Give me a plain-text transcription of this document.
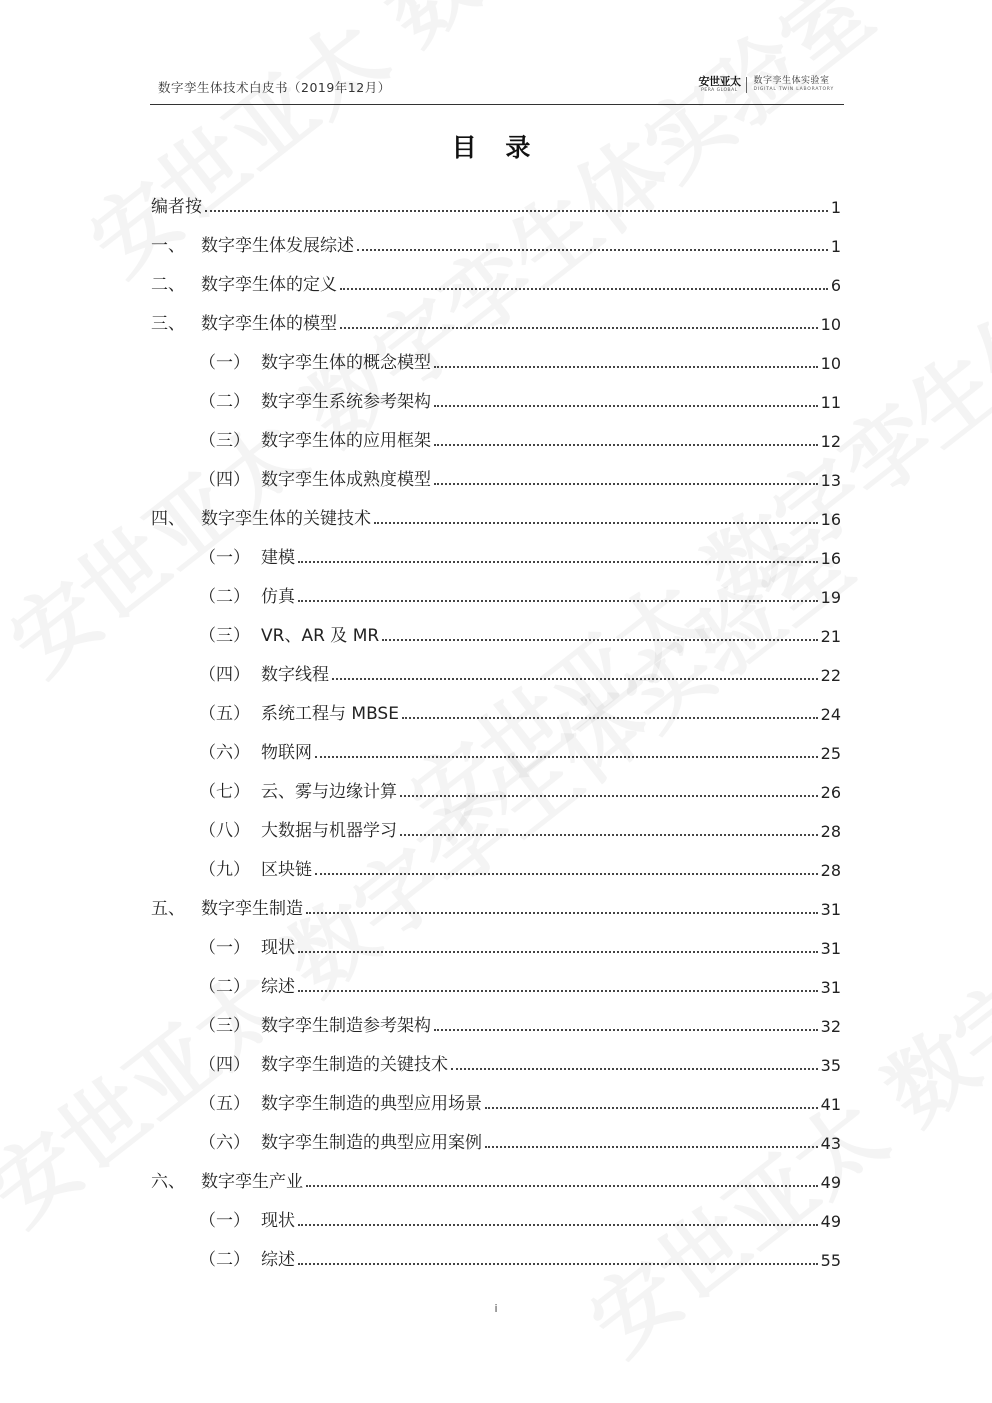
数字孪生体技术白皮书（2019年12月）	安世亚太
PERA GLOBAL
数字孪生体实验室
DIGITAL TWIN LABORATORY
目 录
编者按	1
一、 数字孪生体发展综述	1
二、 数字孪生体的定义	6
三、 数字孪生体的模型	10
（一） 数字孪生体的概念模型	10
（二） 数字孪生系统参考架构	11
（三） 数字孪生体的应用框架	12
（四） 数字孪生体成熟度模型	13
四、 数字孪生体的关键技术	16
（一） 建模	16
（二） 仿真	19
（三） VR、AR 及 MR	21
（四） 数字线程	22
（五） 系统工程与 MBSE	24
（六） 物联网	25
（七） 云、雾与边缘计算	26
（八） 大数据与机器学习	28
（九） 区块链	28
五、 数字孪生制造	31
（一） 现状	31
（二） 综述	31
（三） 数字孪生制造参考架构	32
（四） 数字孪生制造的关键技术	35
（五） 数字孪生制造的典型应用场景	41
（六） 数字孪生制造的典型应用案例	43
六、 数字孪生产业	49
（一） 现状	49
（二） 综述	55
i
